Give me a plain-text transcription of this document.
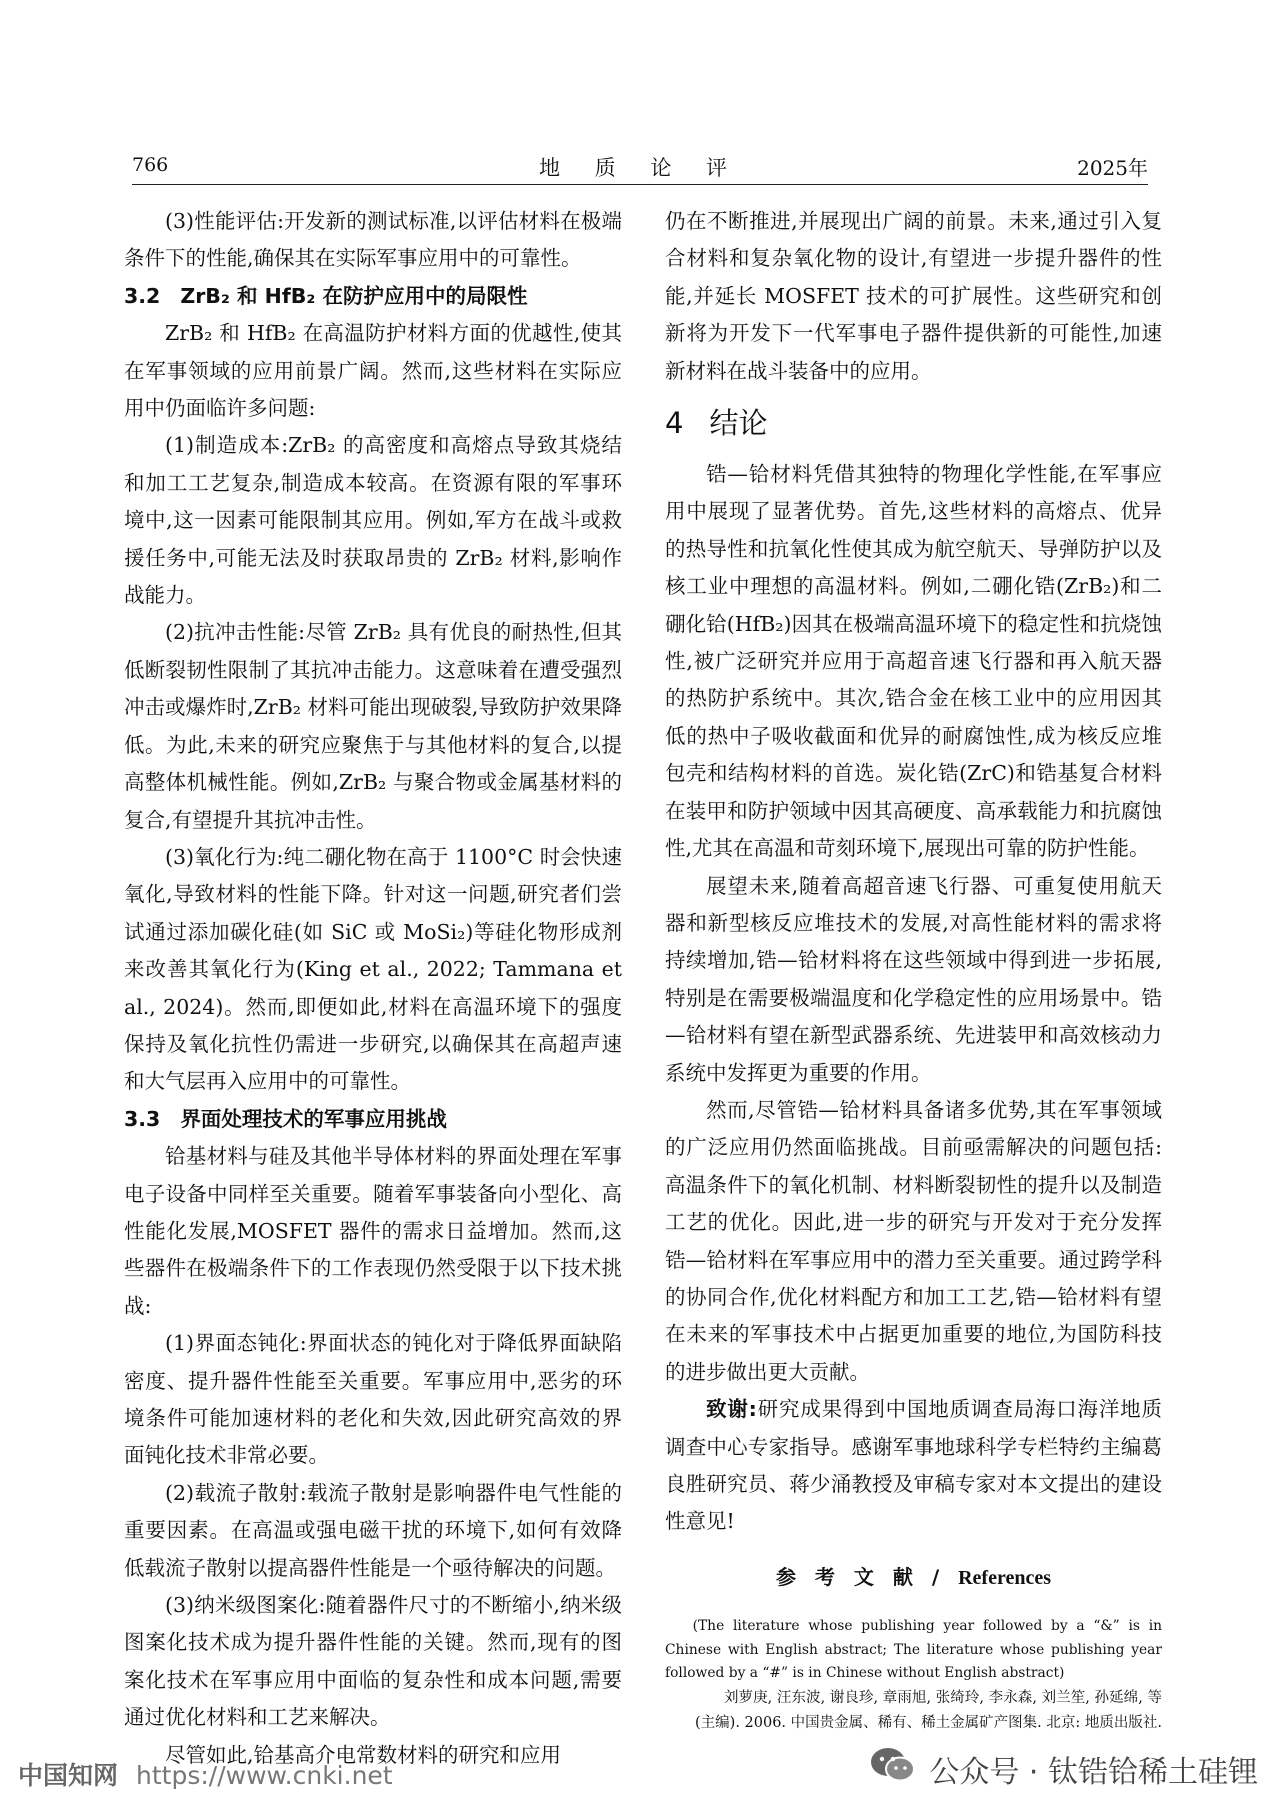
766	地 质 论 评	2025年

(3)性能评估:开发新的测试标准,以评估材料在极端条件下的性能,确保其在实际军事应用中的可靠性。

3.2 ZrB₂ 和 HfB₂ 在防护应用中的局限性

ZrB₂ 和 HfB₂ 在高温防护材料方面的优越性,使其在军事领域的应用前景广阔。然而,这些材料在实际应用中仍面临许多问题:

(1)制造成本:ZrB₂ 的高密度和高熔点导致其烧结和加工工艺复杂,制造成本较高。在资源有限的军事环境中,这一因素可能限制其应用。例如,军方在战斗或救援任务中,可能无法及时获取昂贵的 ZrB₂ 材料,影响作战能力。

(2)抗冲击性能:尽管 ZrB₂ 具有优良的耐热性,但其低断裂韧性限制了其抗冲击能力。这意味着在遭受强烈冲击或爆炸时,ZrB₂ 材料可能出现破裂,导致防护效果降低。为此,未来的研究应聚焦于与其他材料的复合,以提高整体机械性能。例如,ZrB₂ 与聚合物或金属基材料的复合,有望提升其抗冲击性。

(3)氧化行为:纯二硼化物在高于 1100°C 时会快速氧化,导致材料的性能下降。针对这一问题,研究者们尝试通过添加碳化硅(如 SiC 或 MoSi₂)等硅化物形成剂来改善其氧化行为(King et al., 2022; Tammana et al., 2024)。然而,即便如此,材料在高温环境下的强度保持及氧化抗性仍需进一步研究,以确保其在高超声速和大气层再入应用中的可靠性。

3.3 界面处理技术的军事应用挑战

铪基材料与硅及其他半导体材料的界面处理在军事电子设备中同样至关重要。随着军事装备向小型化、高性能化发展,MOSFET 器件的需求日益增加。然而,这些器件在极端条件下的工作表现仍然受限于以下技术挑战:

(1)界面态钝化:界面状态的钝化对于降低界面缺陷密度、提升器件性能至关重要。军事应用中,恶劣的环境条件可能加速材料的老化和失效,因此研究高效的界面钝化技术非常必要。

(2)载流子散射:载流子散射是影响器件电气性能的重要因素。在高温或强电磁干扰的环境下,如何有效降低载流子散射以提高器件性能是一个亟待解决的问题。

(3)纳米级图案化:随着器件尺寸的不断缩小,纳米级图案化技术成为提升器件性能的关键。然而,现有的图案化技术在军事应用中面临的复杂性和成本问题,需要通过优化材料和工艺来解决。

尽管如此,铪基高介电常数材料的研究和应用

仍在不断推进,并展现出广阔的前景。未来,通过引入复合材料和复杂氧化物的设计,有望进一步提升器件的性能,并延长 MOSFET 技术的可扩展性。这些研究和创新将为开发下一代军事电子器件提供新的可能性,加速新材料在战斗装备中的应用。

4 结论

锆—铪材料凭借其独特的物理化学性能,在军事应用中展现了显著优势。首先,这些材料的高熔点、优异的热导性和抗氧化性使其成为航空航天、导弹防护以及核工业中理想的高温材料。例如,二硼化锆(ZrB₂)和二硼化铪(HfB₂)因其在极端高温环境下的稳定性和抗烧蚀性,被广泛研究并应用于高超音速飞行器和再入航天器的热防护系统中。其次,锆合金在核工业中的应用因其低的热中子吸收截面和优异的耐腐蚀性,成为核反应堆包壳和结构材料的首选。炭化锆(ZrC)和锆基复合材料在装甲和防护领域中因其高硬度、高承载能力和抗腐蚀性,尤其在高温和苛刻环境下,展现出可靠的防护性能。

展望未来,随着高超音速飞行器、可重复使用航天器和新型核反应堆技术的发展,对高性能材料的需求将持续增加,锆—铪材料将在这些领域中得到进一步拓展,特别是在需要极端温度和化学稳定性的应用场景中。锆—铪材料有望在新型武器系统、先进装甲和高效核动力系统中发挥更为重要的作用。

然而,尽管锆—铪材料具备诸多优势,其在军事领域的广泛应用仍然面临挑战。目前亟需解决的问题包括:高温条件下的氧化机制、材料断裂韧性的提升以及制造工艺的优化。因此,进一步的研究与开发对于充分发挥锆—铪材料在军事应用中的潜力至关重要。通过跨学科的协同合作,优化材料配方和加工工艺,锆—铪材料有望在未来的军事技术中占据更加重要的地位,为国防科技的进步做出更大贡献。

致谢:研究成果得到中国地质调查局海口海洋地质调查中心专家指导。感谢军事地球科学专栏特约主编葛良胜研究员、蒋少涌教授及审稿专家对本文提出的建设性意见!

参 考 文 献 / References

(The literature whose publishing year followed by a “&” is in Chinese with English abstract; The literature whose publishing year followed by a “#” is in Chinese without English abstract)

刘萝庚, 汪东波, 谢良珍, 章雨旭, 张绮玲, 李永森, 刘兰笙, 孙延绵, 等(主编). 2006. 中国贵金属、稀有、稀土金属矿产图集. 北京: 地质出版社.

中国知网 https://www.cnki.net	公众号 · 钛锆铪稀土硅锂
